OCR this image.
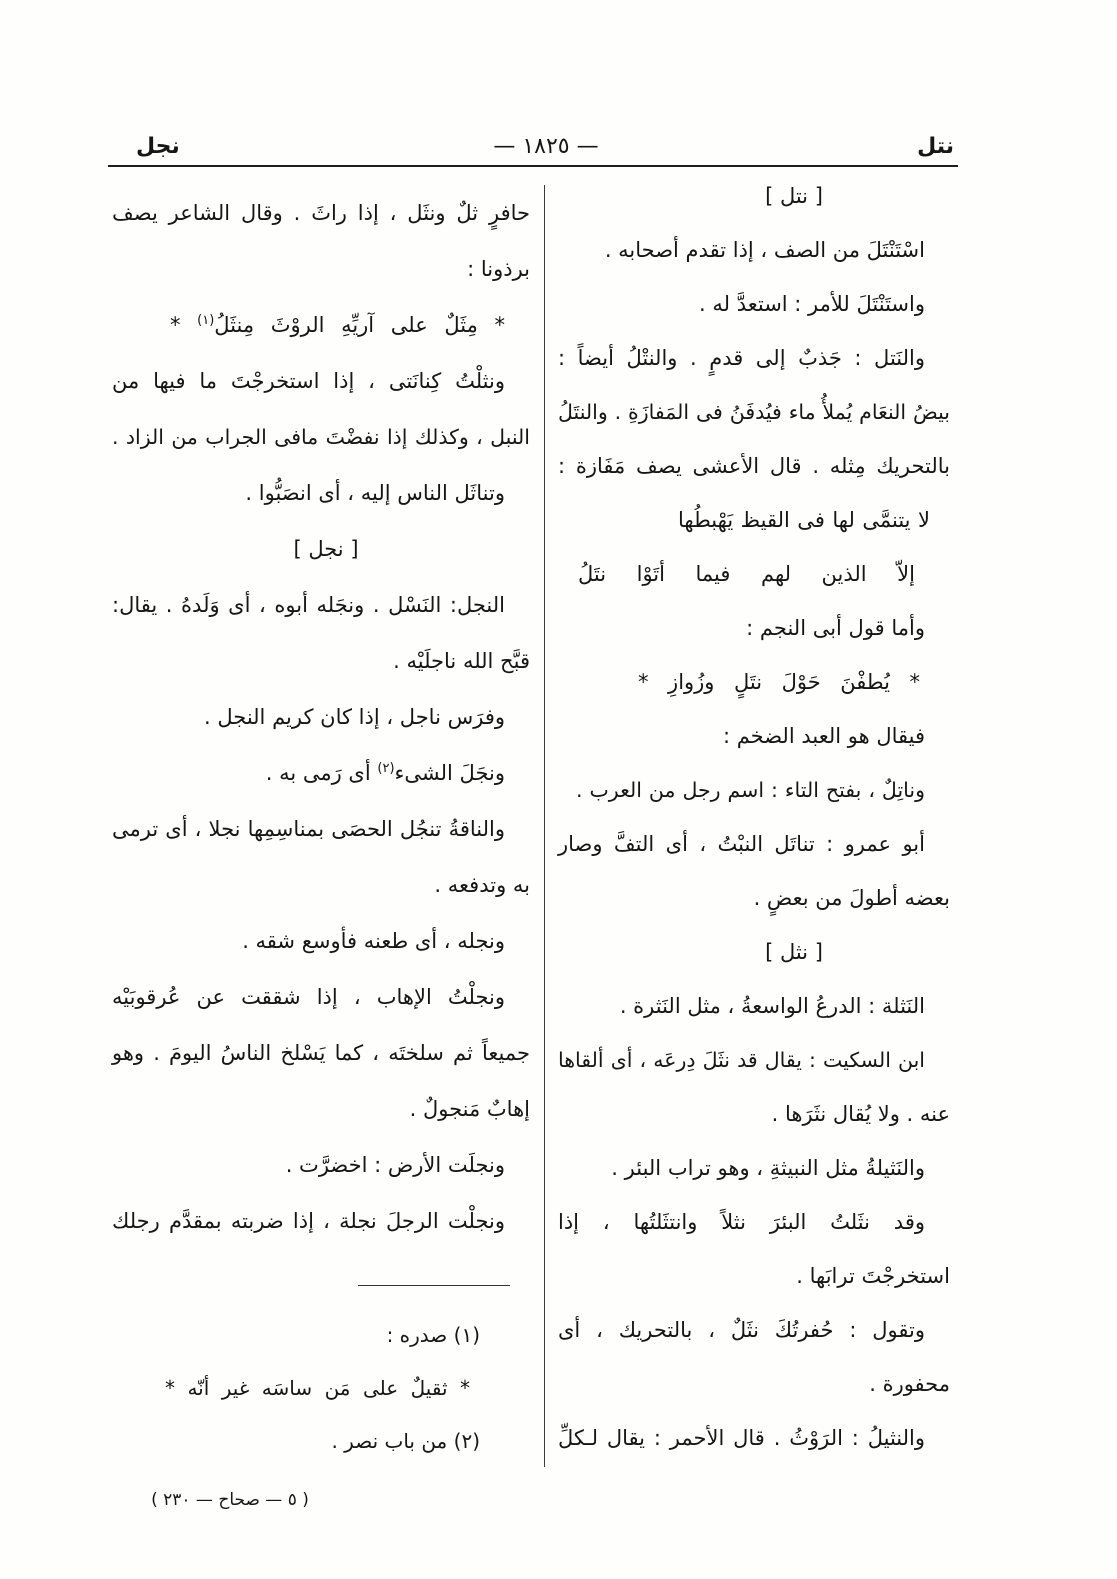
نتل
— ١٨٢٥ —
نجل
[ نتل ]
اسْتَنْتَلَ من الصف ، إذا تقدم أصحابه .
واستَنْتَلَ للأمر : استعدَّ له .
والنَتل : جَذبٌ إلى قدمٍ . والنتْلُ أيضاً :
بيضُ النعَام يُملأُ ماء فيُدفَنُ فى المَفازَةِ . والنتَلُ
بالتحريك مِثله . قال الأعشى يصف مَفَازة :
لا يتنمَّى لها فى القيظ يَهْبطُها
إلاّ الذين لهم فيما أتَوْا نتَلُ
وأما قول أبى النجم :
* يُطفْنَ حَوْلَ نتَلٍ وزُوازِ *
فيقال هو العبد الضخم :
وناتِلٌ ، بفتح التاء : اسم رجل من العرب .
أبو عمرو : تناتَل النبْتُ ، أى التفَّ وصار
بعضه أطولَ من بعضٍ .
[ نثل ]
النَثلة : الدرعُ الواسعةُ ، مثل النَثرة .
ابن السكيت : يقال قد نثَلَ دِرعَه ، أى ألقاها
عنه . ولا يُقال نثَرَها .
والنَثيلةُ مثل النبيثةِ ، وهو تراب البئر .
وقد نثَلتُ البئرَ نثلاً وانتثَلتُها ، إذا
استخرجْتَ ترابَها .
وتقول : حُفرتُكَ نثَلٌ ، بالتحريك ، أى
محفورة .
والنثيلُ : الرَوْثُ . قال الأحمر : يقال لـكلِّ
حافرٍ ثلٌ ونثَل ، إذا راثَ . وقال الشاعر يصف
برذونا :
* مِثَلٌ على آريِّهِ الروْثَ مِنثَلُ$^{(١)}$ *
ونثلْتُ كِنانَتى ، إذا استخرجْتَ ما فيها من
النبل ، وكذلك إذا نفضْتَ مافى الجراب من الزاد .
وتناثَل الناس إليه ، أى انصَبُّوا .
[ نجل ]
النجل: النَسْل . ونجَله أبوه ، أى وَلَدهُ . يقال:
قبَّح الله ناجلَيْه .
وفرَس ناجل ، إذا كان كريم النجل .
ونجَلَ الشىء$^{(٢)}$ أى رَمى به .
والناقةُ تنجُل الحصَى بمناسِمِها نجلا ، أى ترمى
به وتدفعه .
ونجله ، أى طعنه فأوسع شقه .
ونجلْتُ الإهاب ، إذا شققت عن عُرقوبَيْه
جميعاً ثم سلختَه ، كما يَسْلخ الناسُ اليومَ . وهو
إهابٌ مَنجولٌ .
ونجلَت الأرض : اخضرَّت .
ونجلْت الرجلَ نجلة ، إذا ضربته بمقدَّم رجلك
(١) صدره :
* ثقيلٌ على مَن ساسَه غير أنّه *
(٢) من باب نصر .
( ٥ — صحاح — ٢٣٠ )
